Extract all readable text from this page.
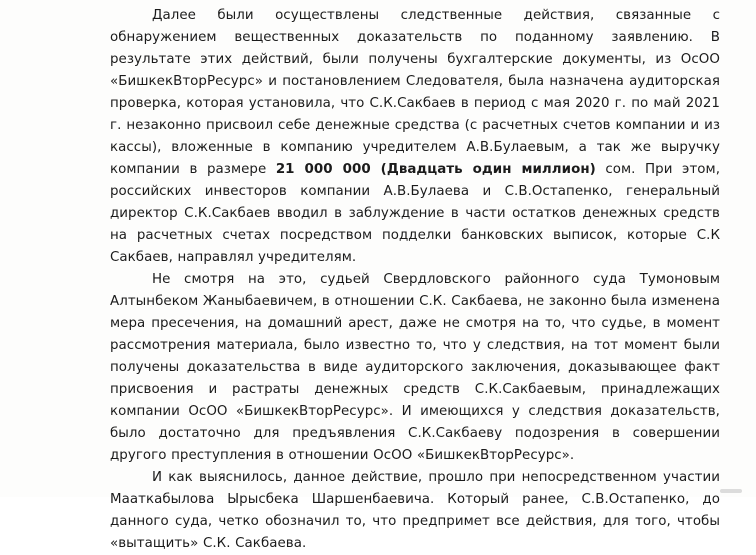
Далее были осуществлены следственные действия, связанные с обнаружением вещественных доказательств по поданному заявлению. В результате этих действий, были получены бухгалтерские документы, из ОсОО «БишкекВторРесурс» и постановлением Следователя, была назначена аудиторская проверка, которая установила, что С.К.Сакбаев в период с мая 2020 г. по май 2021 г. незаконно присвоил себе денежные средства (с расчетных счетов компании и из кассы), вложенные в компанию учредителем А.В.Булаевым, а так же выручку компании в размере 21 000 000 (Двадцать один миллион) сом. При этом, российских инвесторов компании А.В.Булаева и С.В.Остапенко, генеральный директор С.К.Сакбаев вводил в заблуждение в части остатков денежных средств на расчетных счетах посредством подделки банковских выписок, которые С.К Сакбаев, направлял учредителям.

Не смотря на это, судьей Свердловского районного суда Тумоновым Алтынбеком Жаныбаевичем, в отношении С.К. Сакбаева, не законно была изменена мера пресечения, на домашний арест, даже не смотря на то, что судье, в момент рассмотрения материала, было известно то, что у следствия, на тот момент были получены доказательства в виде аудиторского заключения, доказывающее факт присвоения и растраты денежных средств С.К.Сакбаевым, принадлежащих компании ОсОО «БишкекВторРесурс». И имеющихся у следствия доказательств, было достаточно для предъявления С.К.Сакбаеву подозрения в совершении другого преступления в отношении ОсОО «БишкекВторРесурс».

И как выяснилось, данное действие, прошло при непосредственном участии Мааткабылова Ырысбека Шаршенбаевича. Который ранее, С.В.Остапенко, до данного суда, четко обозначил то, что предпримет все действия, для того, чтобы «вытащить» С.К. Сакбаева.
